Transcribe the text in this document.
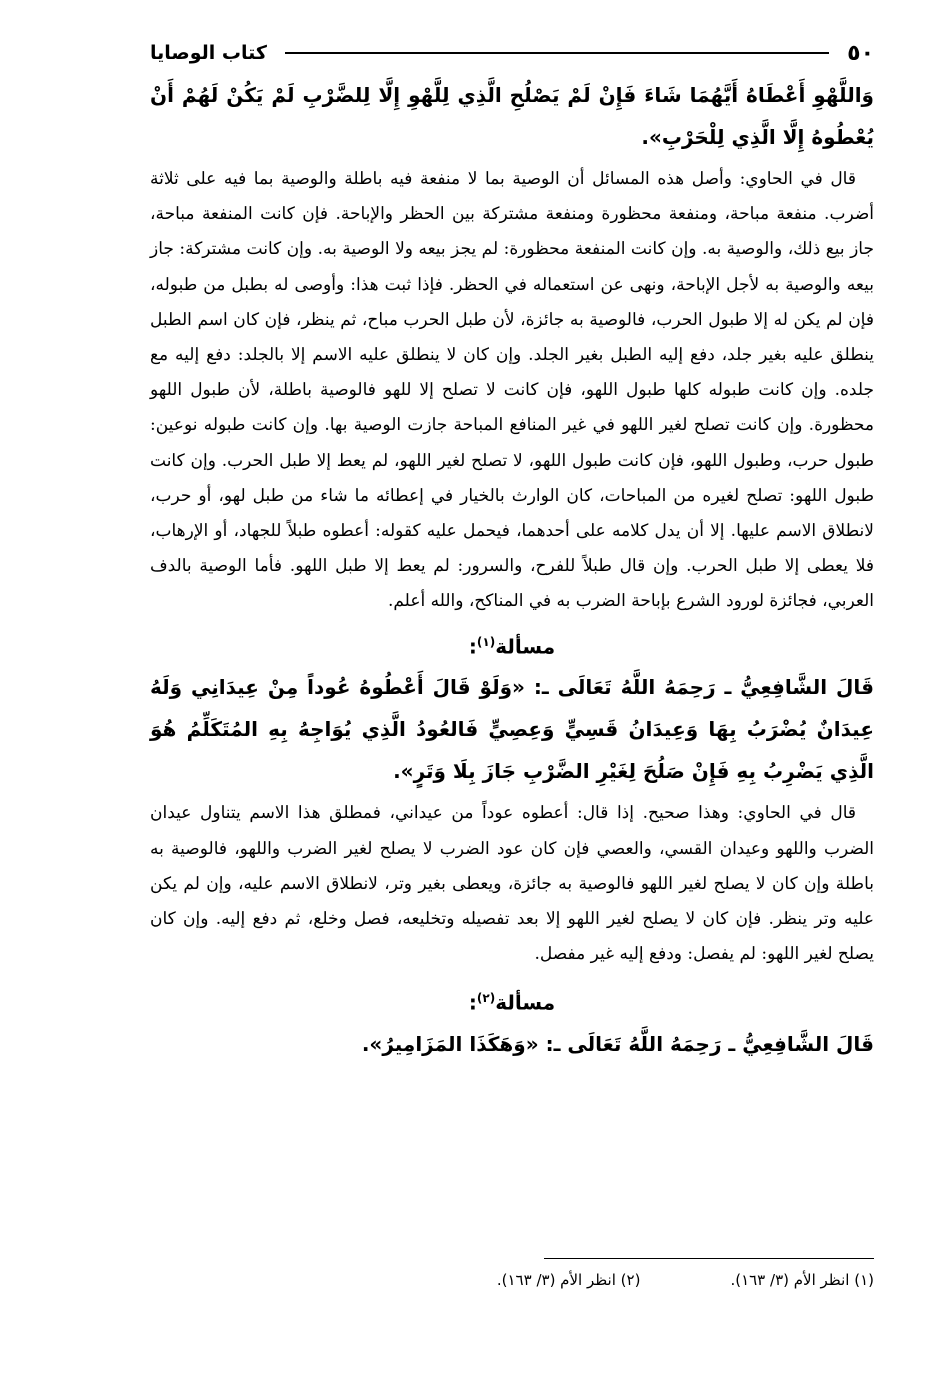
٥٠
كتاب الوصايا

وَاللَّهْوِ أَعْطَاهُ أَيَّهُمَا شَاءَ فَإِنْ لَمْ يَصْلُحِ الَّذِي لِلَّهْوِ إِلَّا لِلضَّرْبِ لَمْ يَكُنْ لَهُمْ أَنْ يُعْطُوهُ إِلَّا الَّذِي لِلْحَرْبِ».

قال في الحاوي: وأصل هذه المسائل أن الوصية بما لا منفعة فيه باطلة والوصية بما فيه على ثلاثة أضرب. منفعة مباحة، ومنفعة محظورة ومنفعة مشتركة بين الحظر والإباحة. فإن كانت المنفعة مباحة، جاز بيع ذلك، والوصية به. وإن كانت المنفعة محظورة: لم يجز بيعه ولا الوصية به. وإن كانت مشتركة: جاز بيعه والوصية به لأجل الإباحة، ونهى عن استعماله في الحظر. فإذا ثبت هذا: وأوصى له بطبل من طبوله، فإن لم يكن له إلا طبول الحرب، فالوصية به جائزة، لأن طبل الحرب مباح، ثم ينظر، فإن كان اسم الطبل ينطلق عليه بغير جلد، دفع إليه الطبل بغير الجلد. وإن كان لا ينطلق عليه الاسم إلا بالجلد: دفع إليه مع جلده. وإن كانت طبوله كلها طبول اللهو، فإن كانت لا تصلح إلا للهو فالوصية باطلة، لأن طبول اللهو محظورة. وإن كانت تصلح لغير اللهو في غير المنافع المباحة جازت الوصية بها. وإن كانت طبوله نوعين: طبول حرب، وطبول اللهو، فإن كانت طبول اللهو، لا تصلح لغير اللهو، لم يعط إلا طبل الحرب. وإن كانت طبول اللهو: تصلح لغيره من المباحات، كان الوارث بالخيار في إعطائه ما شاء من طبل لهو، أو حرب، لانطلاق الاسم عليها. إلا أن يدل كلامه على أحدهما، فيحمل عليه كقوله: أعطوه طبلاً للجهاد، أو الإرهاب، فلا يعطى إلا طبل الحرب. وإن قال طبلاً للفرح، والسرور: لم يعط إلا طبل اللهو. فأما الوصية بالدف العربي، فجائزة لورود الشرع بإباحة الضرب به في المناكح، والله أعلم.

مسألة$^{(١)}$:

قَالَ الشَّافِعِيُّ ـ رَحِمَهُ اللَّهُ تَعَالَى ـ: «وَلَوْ قَالَ أَعْطُوهُ عُوداً مِنْ عِيدَانِي وَلَهُ عِيدَانٌ يُضْرَبُ بِهَا وَعِيدَانُ قَسِيٍّ وَعِصِيٍّ فَالعُودُ الَّذِي يُوَاجِهُ بِهِ المُتَكَلِّمُ هُوَ الَّذِي يَضْرِبُ بِهِ فَإِنْ صَلُحَ لِغَيْرِ الضَّرْبِ جَازَ بِلَا وَتَرٍ».

قال في الحاوي: وهذا صحيح. إذا قال: أعطوه عوداً من عيداني، فمطلق هذا الاسم يتناول عيدان الضرب واللهو وعيدان القسي، والعصي فإن كان عود الضرب لا يصلح لغير الضرب واللهو، فالوصية به باطلة وإن كان لا يصلح لغير اللهو فالوصية به جائزة، ويعطى بغير وتر، لانطلاق الاسم عليه، وإن لم يكن عليه وتر ينظر. فإن كان لا يصلح لغير اللهو إلا بعد تفصيله وتخليعه، فصل وخلع، ثم دفع إليه. وإن كان يصلح لغير اللهو: لم يفصل: ودفع إليه غير مفصل.

مسألة$^{(٢)}$:

قَالَ الشَّافِعِيُّ ـ رَحِمَهُ اللَّهُ تَعَالَى ـ: «وَهَكَذَا المَزَامِيرُ».

(١) انظر الأم (٣/ ١٦٣).
(٢) انظر الأم (٣/ ١٦٣).
